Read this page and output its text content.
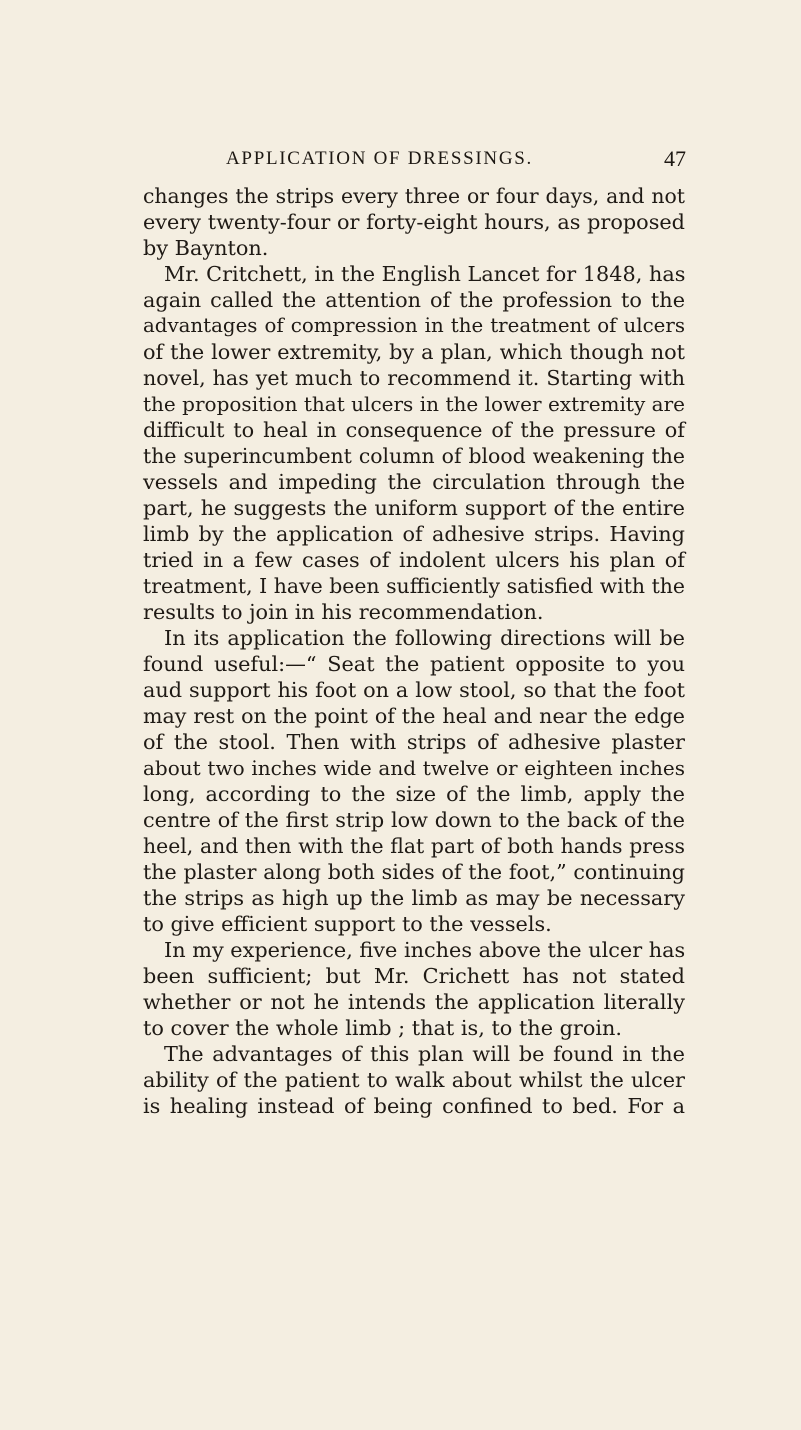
APPLICATION OF DRESSINGS.	47
changes the strips every three or four days, and not
every twenty-four or forty-eight hours, as proposed
by Baynton.
Mr. Critchett, in the English Lancet for 1848, has
again called the attention of the profession to the
advantages of compression in the treatment of ulcers
of the lower extremity, by a plan, which though not
novel, has yet much to recommend it. Starting with
the proposition that ulcers in the lower extremity are
difficult to heal in consequence of the pressure of
the superincumbent column of blood weakening the
vessels and impeding the circulation through the
part, he suggests the uniform support of the entire
limb by the application of adhesive strips. Having
tried in a few cases of indolent ulcers his plan of
treatment, I have been sufficiently satisfied with the
results to join in his recommendation.
In its application the following directions will be
found useful:—“ Seat the patient opposite to you
aud support his foot on a low stool, so that the foot
may rest on the point of the heal and near the edge
of the stool. Then with strips of adhesive plaster
about two inches wide and twelve or eighteen inches
long, according to the size of the limb, apply the
centre of the first strip low down to the back of the
heel, and then with the flat part of both hands press
the plaster along both sides of the foot,” continuing
the strips as high up the limb as may be necessary
to give efficient support to the vessels.
In my experience, five inches above the ulcer has
been sufficient; but Mr. Crichett has not stated
whether or not he intends the application literally
to cover the whole limb ; that is, to the groin.
The advantages of this plan will be found in the
ability of the patient to walk about whilst the ulcer
is healing instead of being confined to bed. For a
